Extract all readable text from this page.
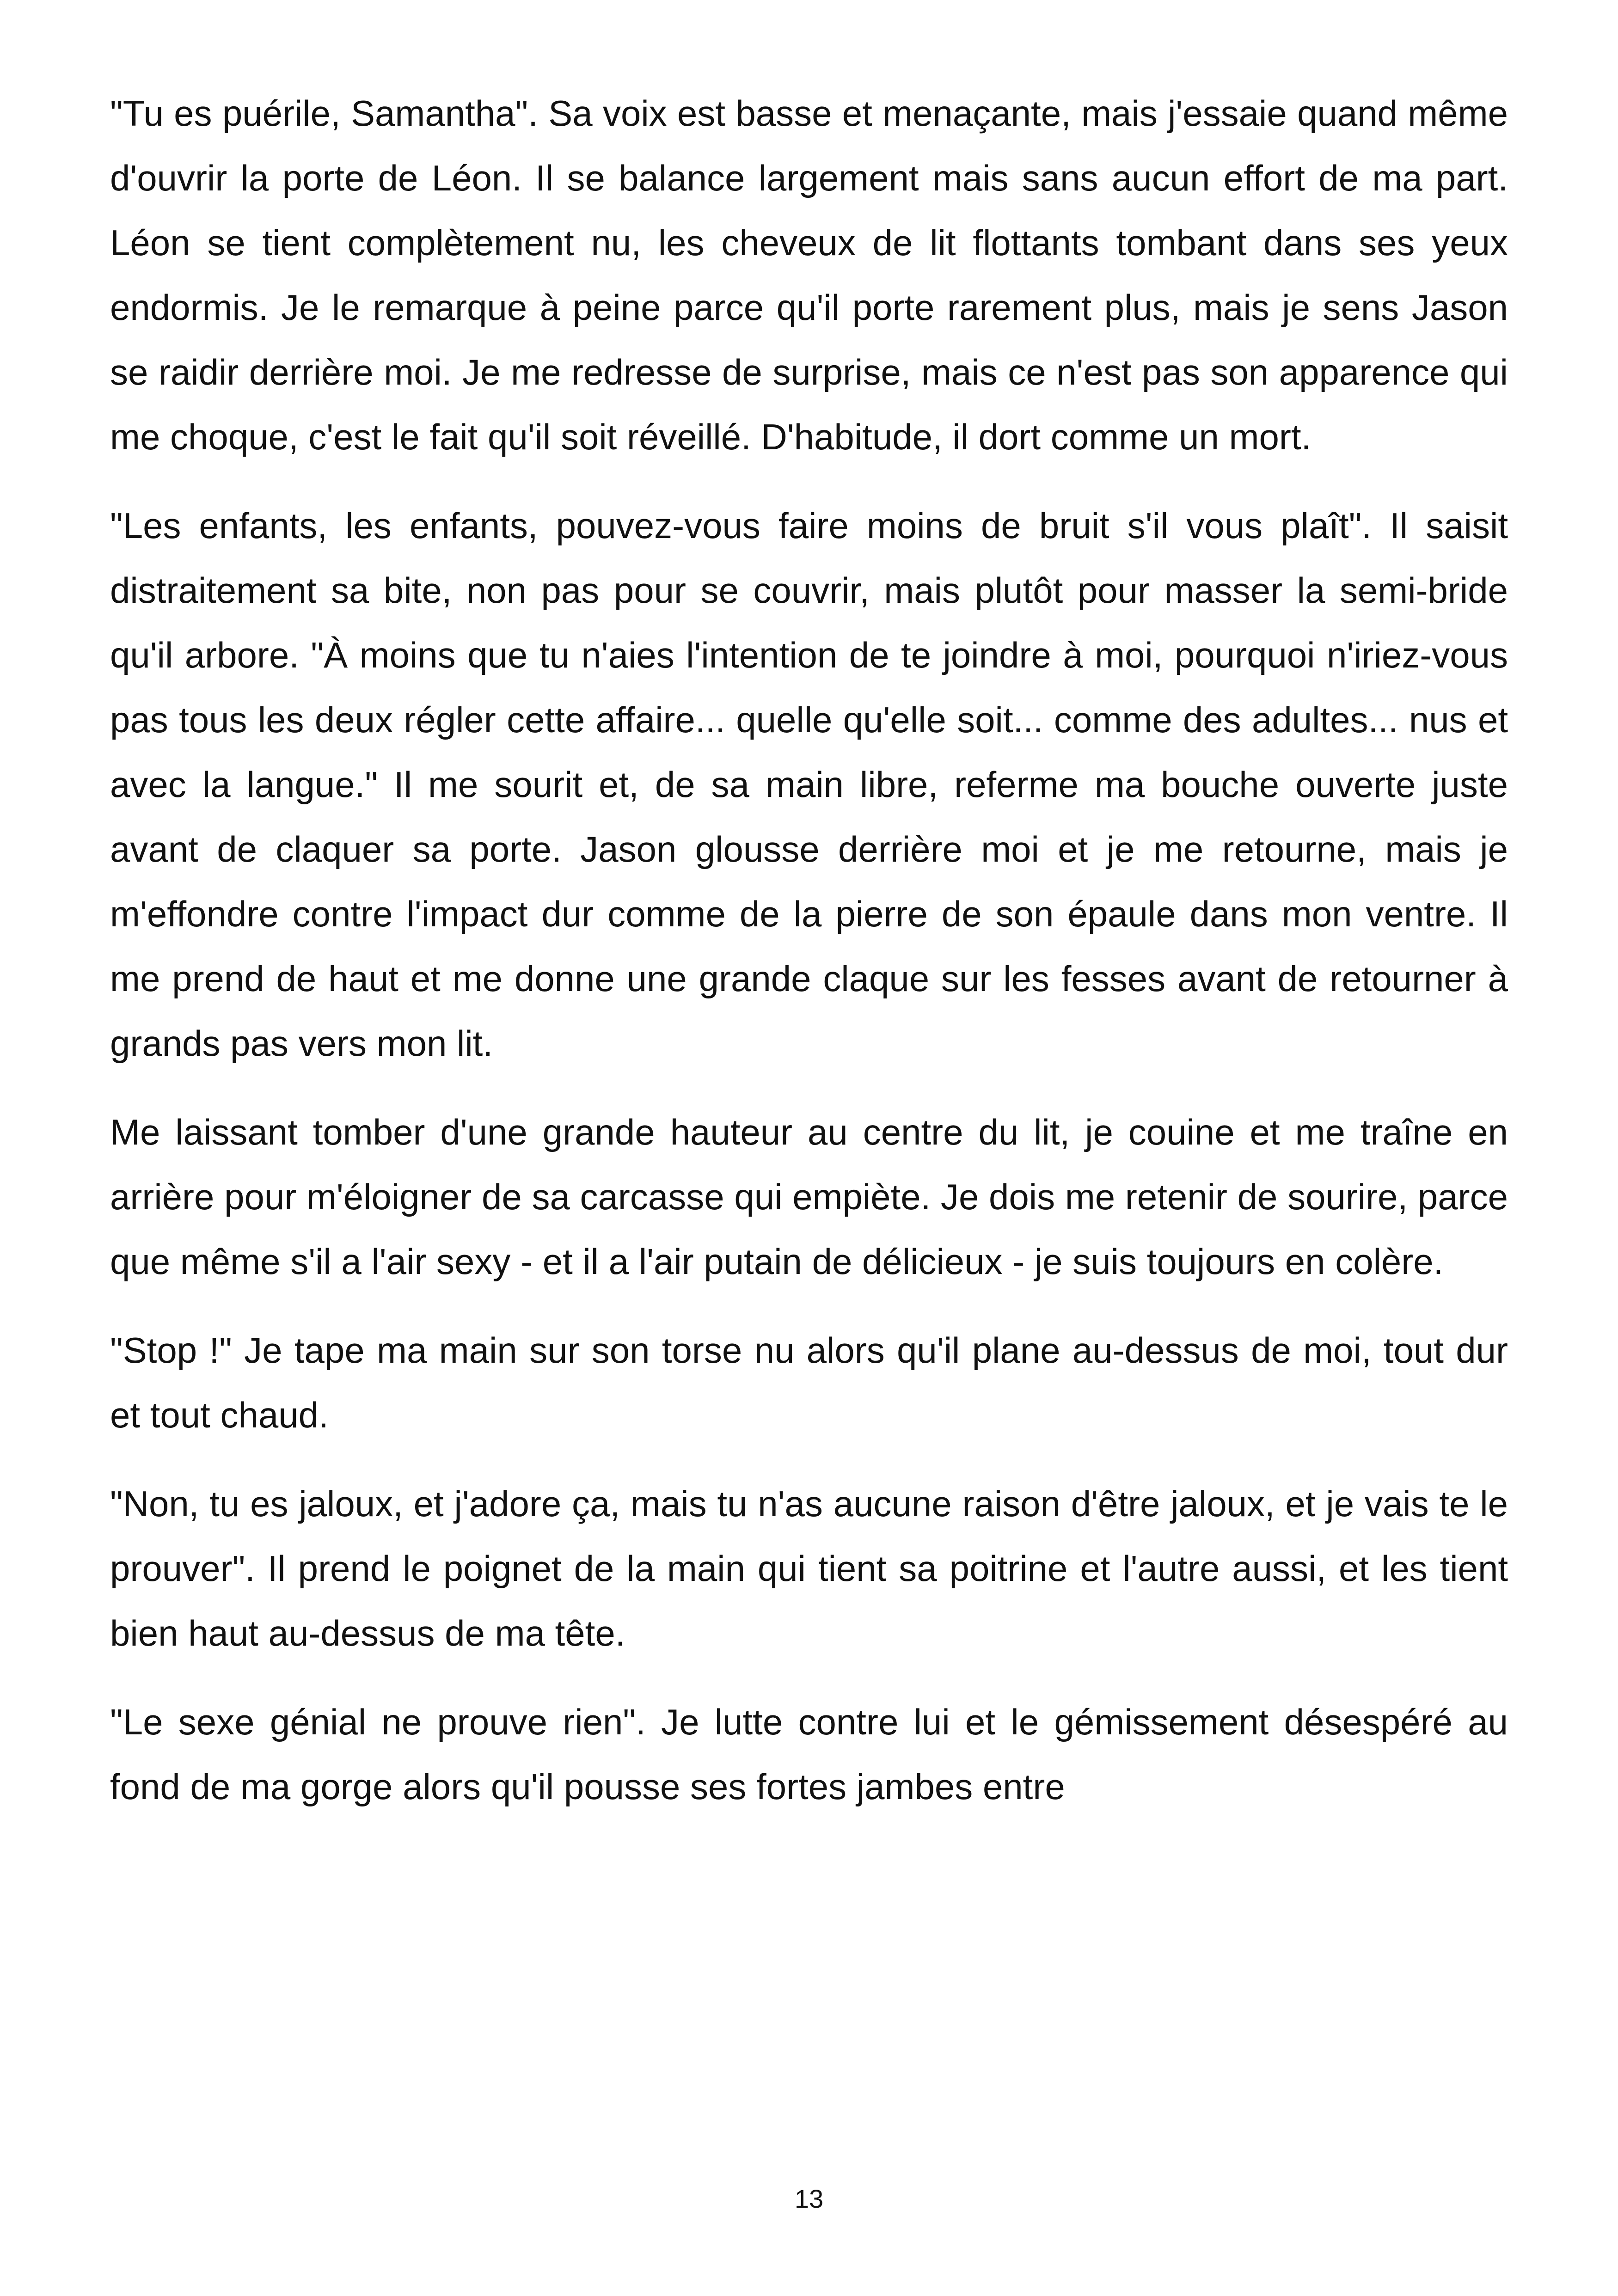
"Tu es puérile, Samantha". Sa voix est basse et menaçante, mais j'essaie quand même d'ouvrir la porte de Léon. Il se balance largement mais sans aucun effort de ma part. Léon se tient complètement nu, les cheveux de lit flottants tombant dans ses yeux endormis. Je le remarque à peine parce qu'il porte rarement plus, mais je sens Jason se raidir derrière moi. Je me redresse de surprise, mais ce n'est pas son apparence qui me choque, c'est le fait qu'il soit réveillé. D'habitude, il dort comme un mort.

"Les enfants, les enfants, pouvez-vous faire moins de bruit s'il vous plaît". Il saisit distraitement sa bite, non pas pour se couvrir, mais plutôt pour masser la semi-bride qu'il arbore. "À moins que tu n'aies l'intention de te joindre à moi, pourquoi n'iriez-vous pas tous les deux régler cette affaire... quelle qu'elle soit... comme des adultes... nus et avec la langue." Il me sourit et, de sa main libre, referme ma bouche ouverte juste avant de claquer sa porte. Jason glousse derrière moi et je me retourne, mais je m'effondre contre l'impact dur comme de la pierre de son épaule dans mon ventre. Il me prend de haut et me donne une grande claque sur les fesses avant de retourner à grands pas vers mon lit.

Me laissant tomber d'une grande hauteur au centre du lit, je couine et me traîne en arrière pour m'éloigner de sa carcasse qui empiète. Je dois me retenir de sourire, parce que même s'il a l'air sexy - et il a l'air putain de délicieux - je suis toujours en colère.

"Stop !" Je tape ma main sur son torse nu alors qu'il plane au-dessus de moi, tout dur et tout chaud.

"Non, tu es jaloux, et j'adore ça, mais tu n'as aucune raison d'être jaloux, et je vais te le prouver". Il prend le poignet de la main qui tient sa poitrine et l'autre aussi, et les tient bien haut au-dessus de ma tête.

"Le sexe génial ne prouve rien". Je lutte contre lui et le gémissement désespéré au fond de ma gorge alors qu'il pousse ses fortes jambes entre

13
